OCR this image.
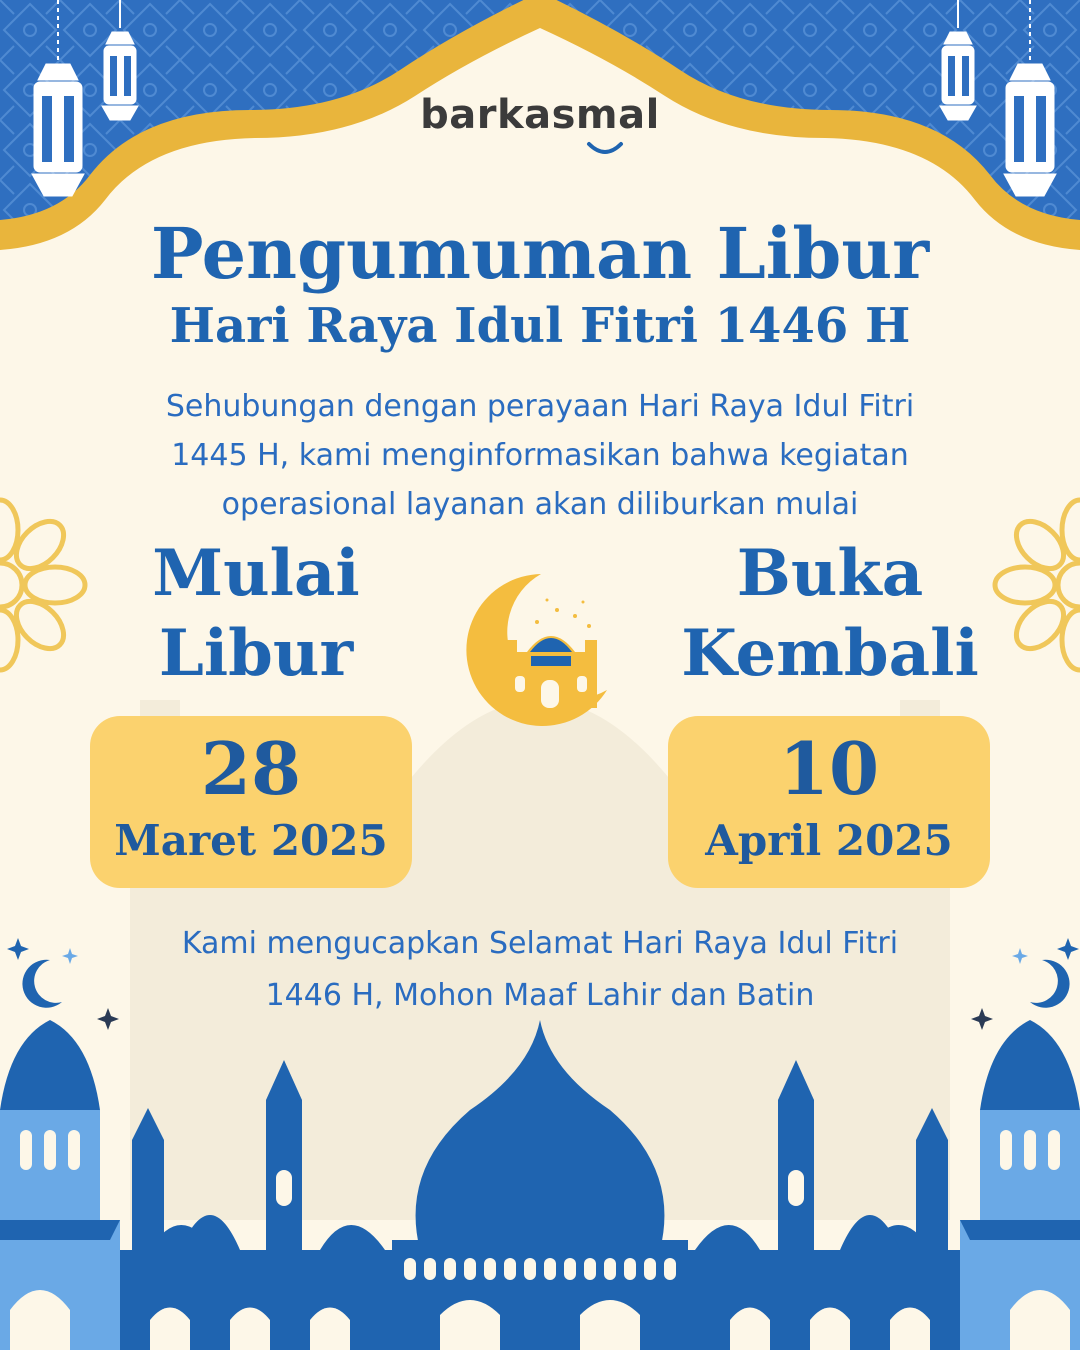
barkasmal
Pengumuman Libur
Hari Raya Idul Fitri 1446 H
Sehubungan dengan perayaan Hari Raya Idul Fitri
1445 H, kami menginformasikan bahwa kegiatan
operasional layanan akan diliburkan mulai
Mulai
Libur
Buka
Kembali
28
Maret 2025
10
April 2025
Kami mengucapkan Selamat Hari Raya Idul Fitri
1446 H, Mohon Maaf Lahir dan Batin
